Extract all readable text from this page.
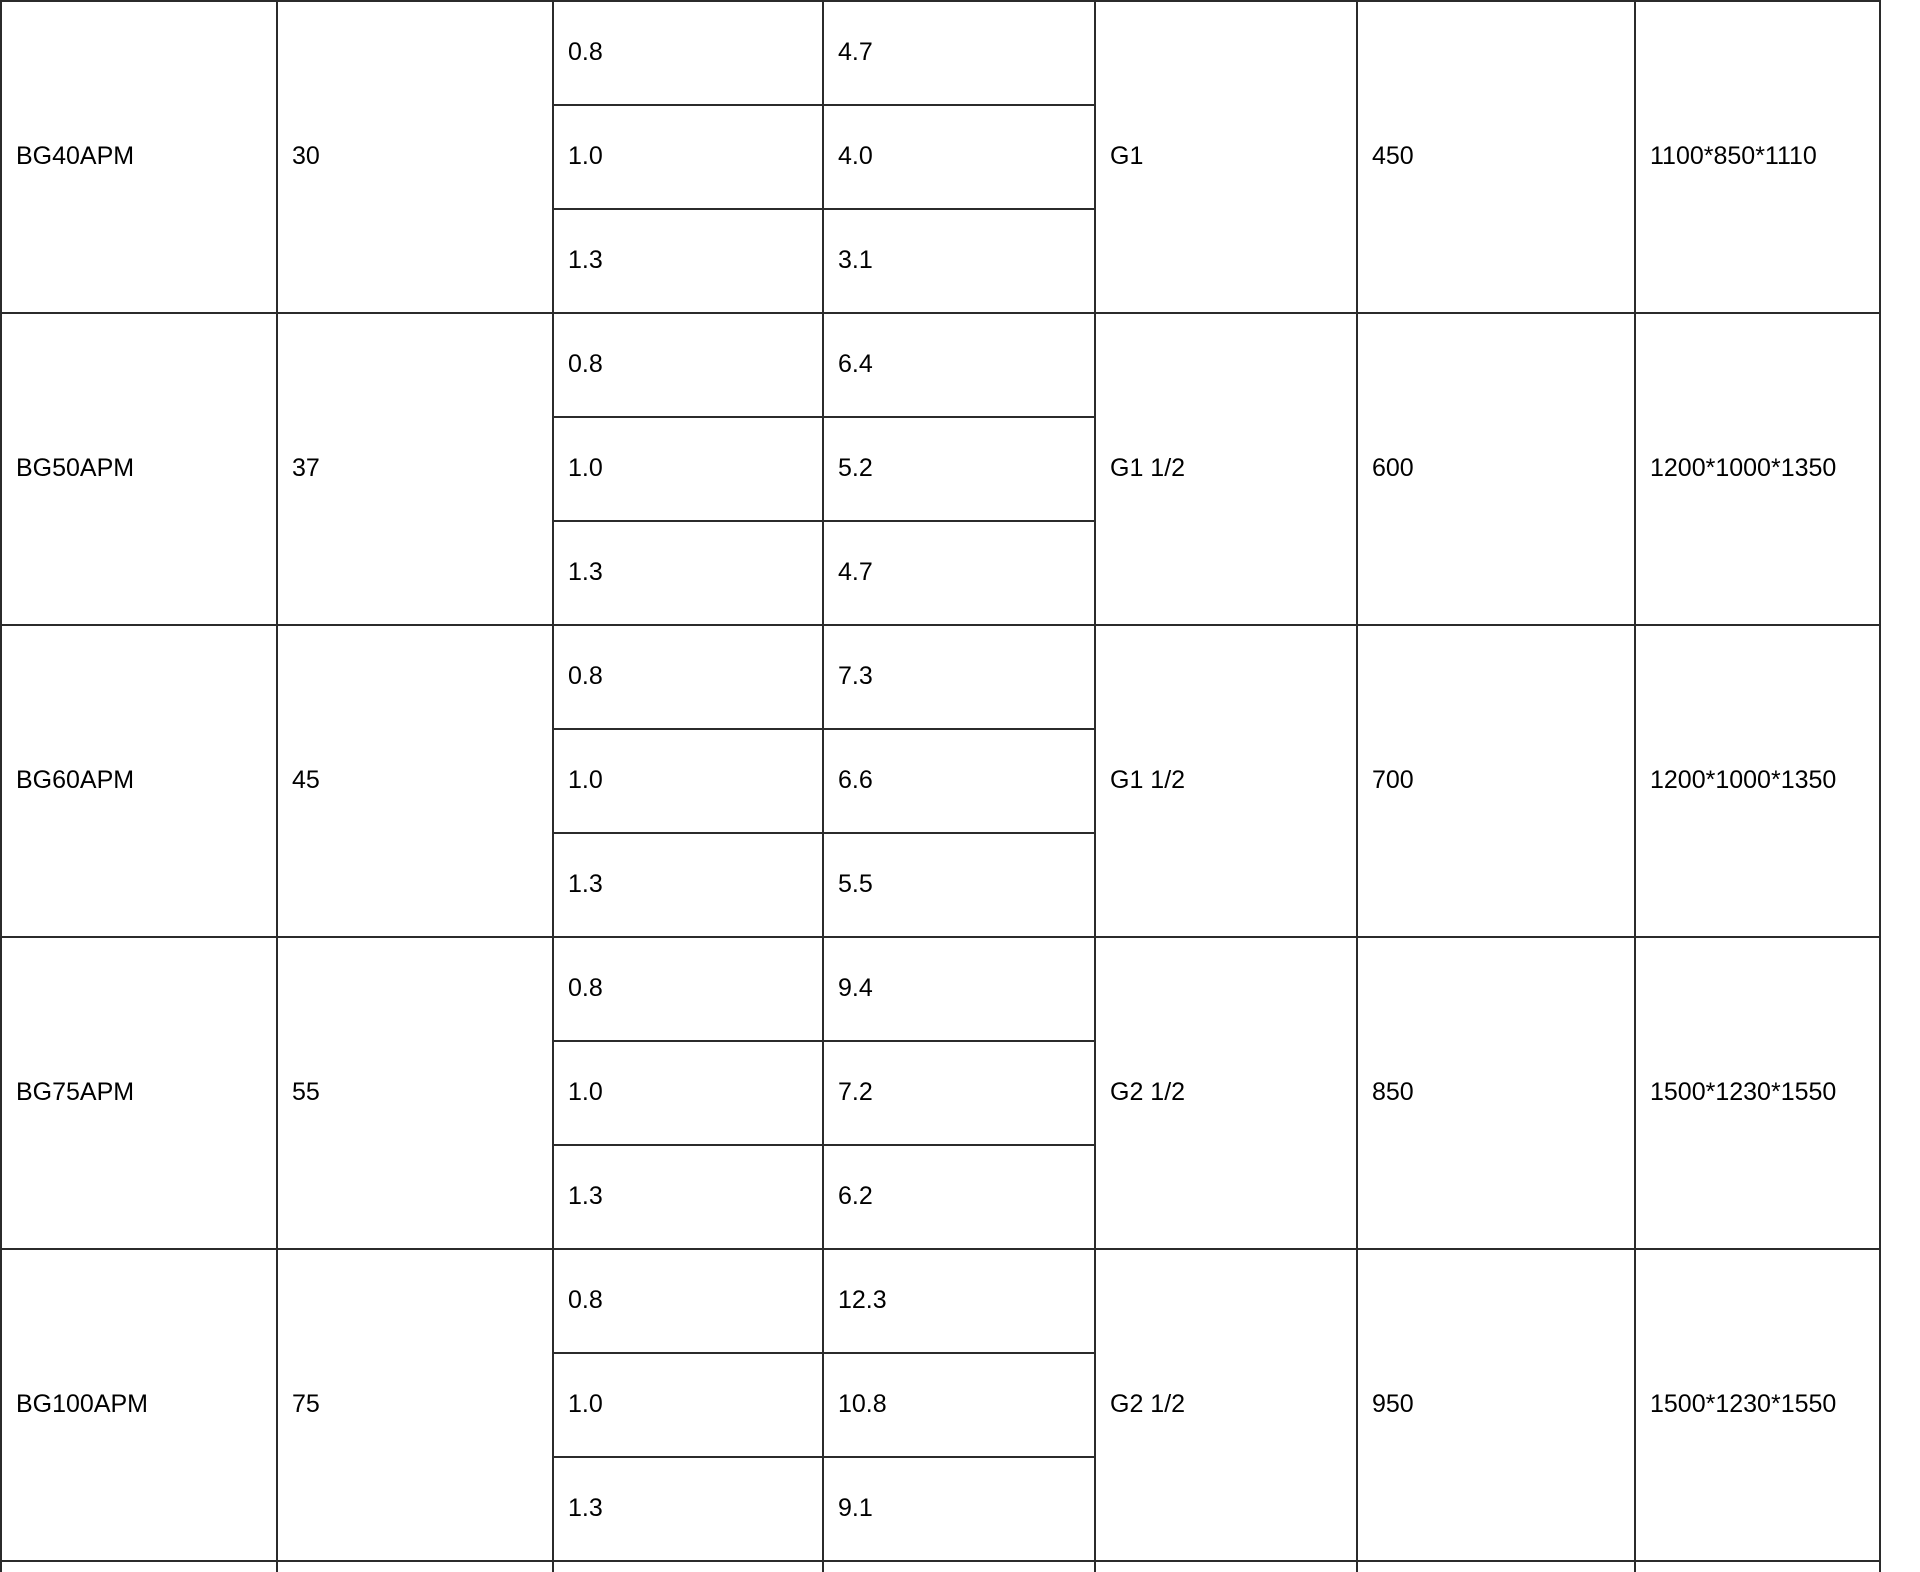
BG40APM	30	0.8	4.7	G1	450	1100*850*1110
		1.0	4.0			
		1.3	3.1			
BG50APM	37	0.8	6.4	G1 1/2	600	1200*1000*1350
		1.0	5.2			
		1.3	4.7			
BG60APM	45	0.8	7.3	G1 1/2	700	1200*1000*1350
		1.0	6.6			
		1.3	5.5			
BG75APM	55	0.8	9.4	G2 1/2	850	1500*1230*1550
		1.0	7.2			
		1.3	6.2			
BG100APM	75	0.8	12.3	G2 1/2	950	1500*1230*1550
		1.0	10.8			
		1.3	9.1			
